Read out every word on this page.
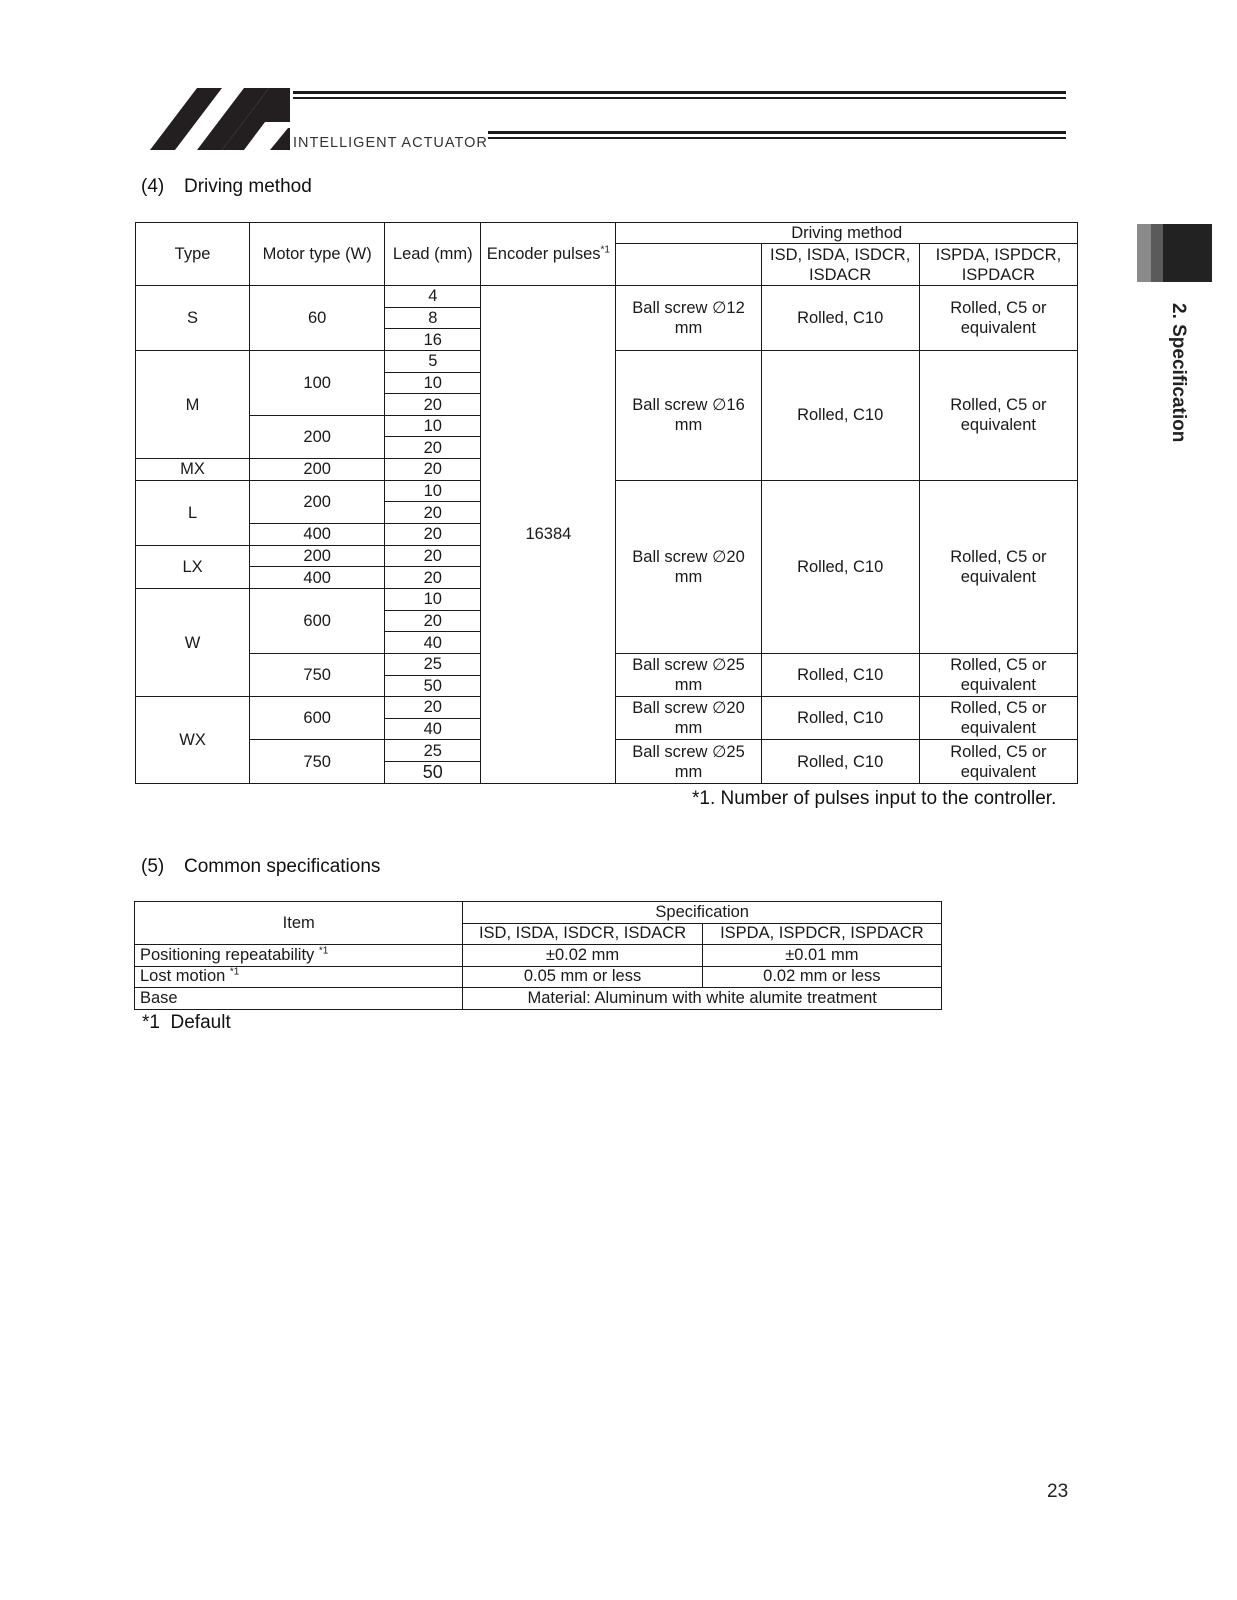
INTELLIGENT ACTUATOR
2. Specification
(4) Driving method
Type	Motor type (W)	Lead (mm)	Encoder pulses$^{*1}$	Driving method		
					ISD, ISDA, ISDCR, ISDACR	ISPDA, ISPDCR, ISPDACR
S	60	4	16384	Ball screw ∅12 mm	Rolled, C10	Rolled, C5 or equivalent
		8				
		16				
M	100	5		Ball screw ∅16 mm	Rolled, C10	Rolled, C5 or equivalent
		10				
		20				
	200	10				
		20				
MX	200	20				
L	200	10		Ball screw ∅20 mm	Rolled, C10	Rolled, C5 or equivalent
		20				
	400	20				
LX	200	20				
	400	20				
W	600	10				
		20				
		40				
	750	25		Ball screw ∅25 mm	Rolled, C10	Rolled, C5 or equivalent
		50				
WX	600	20		Ball screw ∅20 mm	Rolled, C10	Rolled, C5 or equivalent
		40				
	750	25		Ball screw ∅25 mm	Rolled, C10	Rolled, C5 or equivalent
		50				
*1. Number of pulses input to the controller.
(5) Common specifications
Item	Specification	
	ISD, ISDA, ISDCR, ISDACR	ISPDA, ISPDCR, ISPDACR
Positioning repeatability $^{*1}$	±0.02 mm	±0.01 mm
Lost motion $^{*1}$	0.05 mm or less	0.02 mm or less
Base	Material: Aluminum with white alumite treatment	
*1  Default
23
